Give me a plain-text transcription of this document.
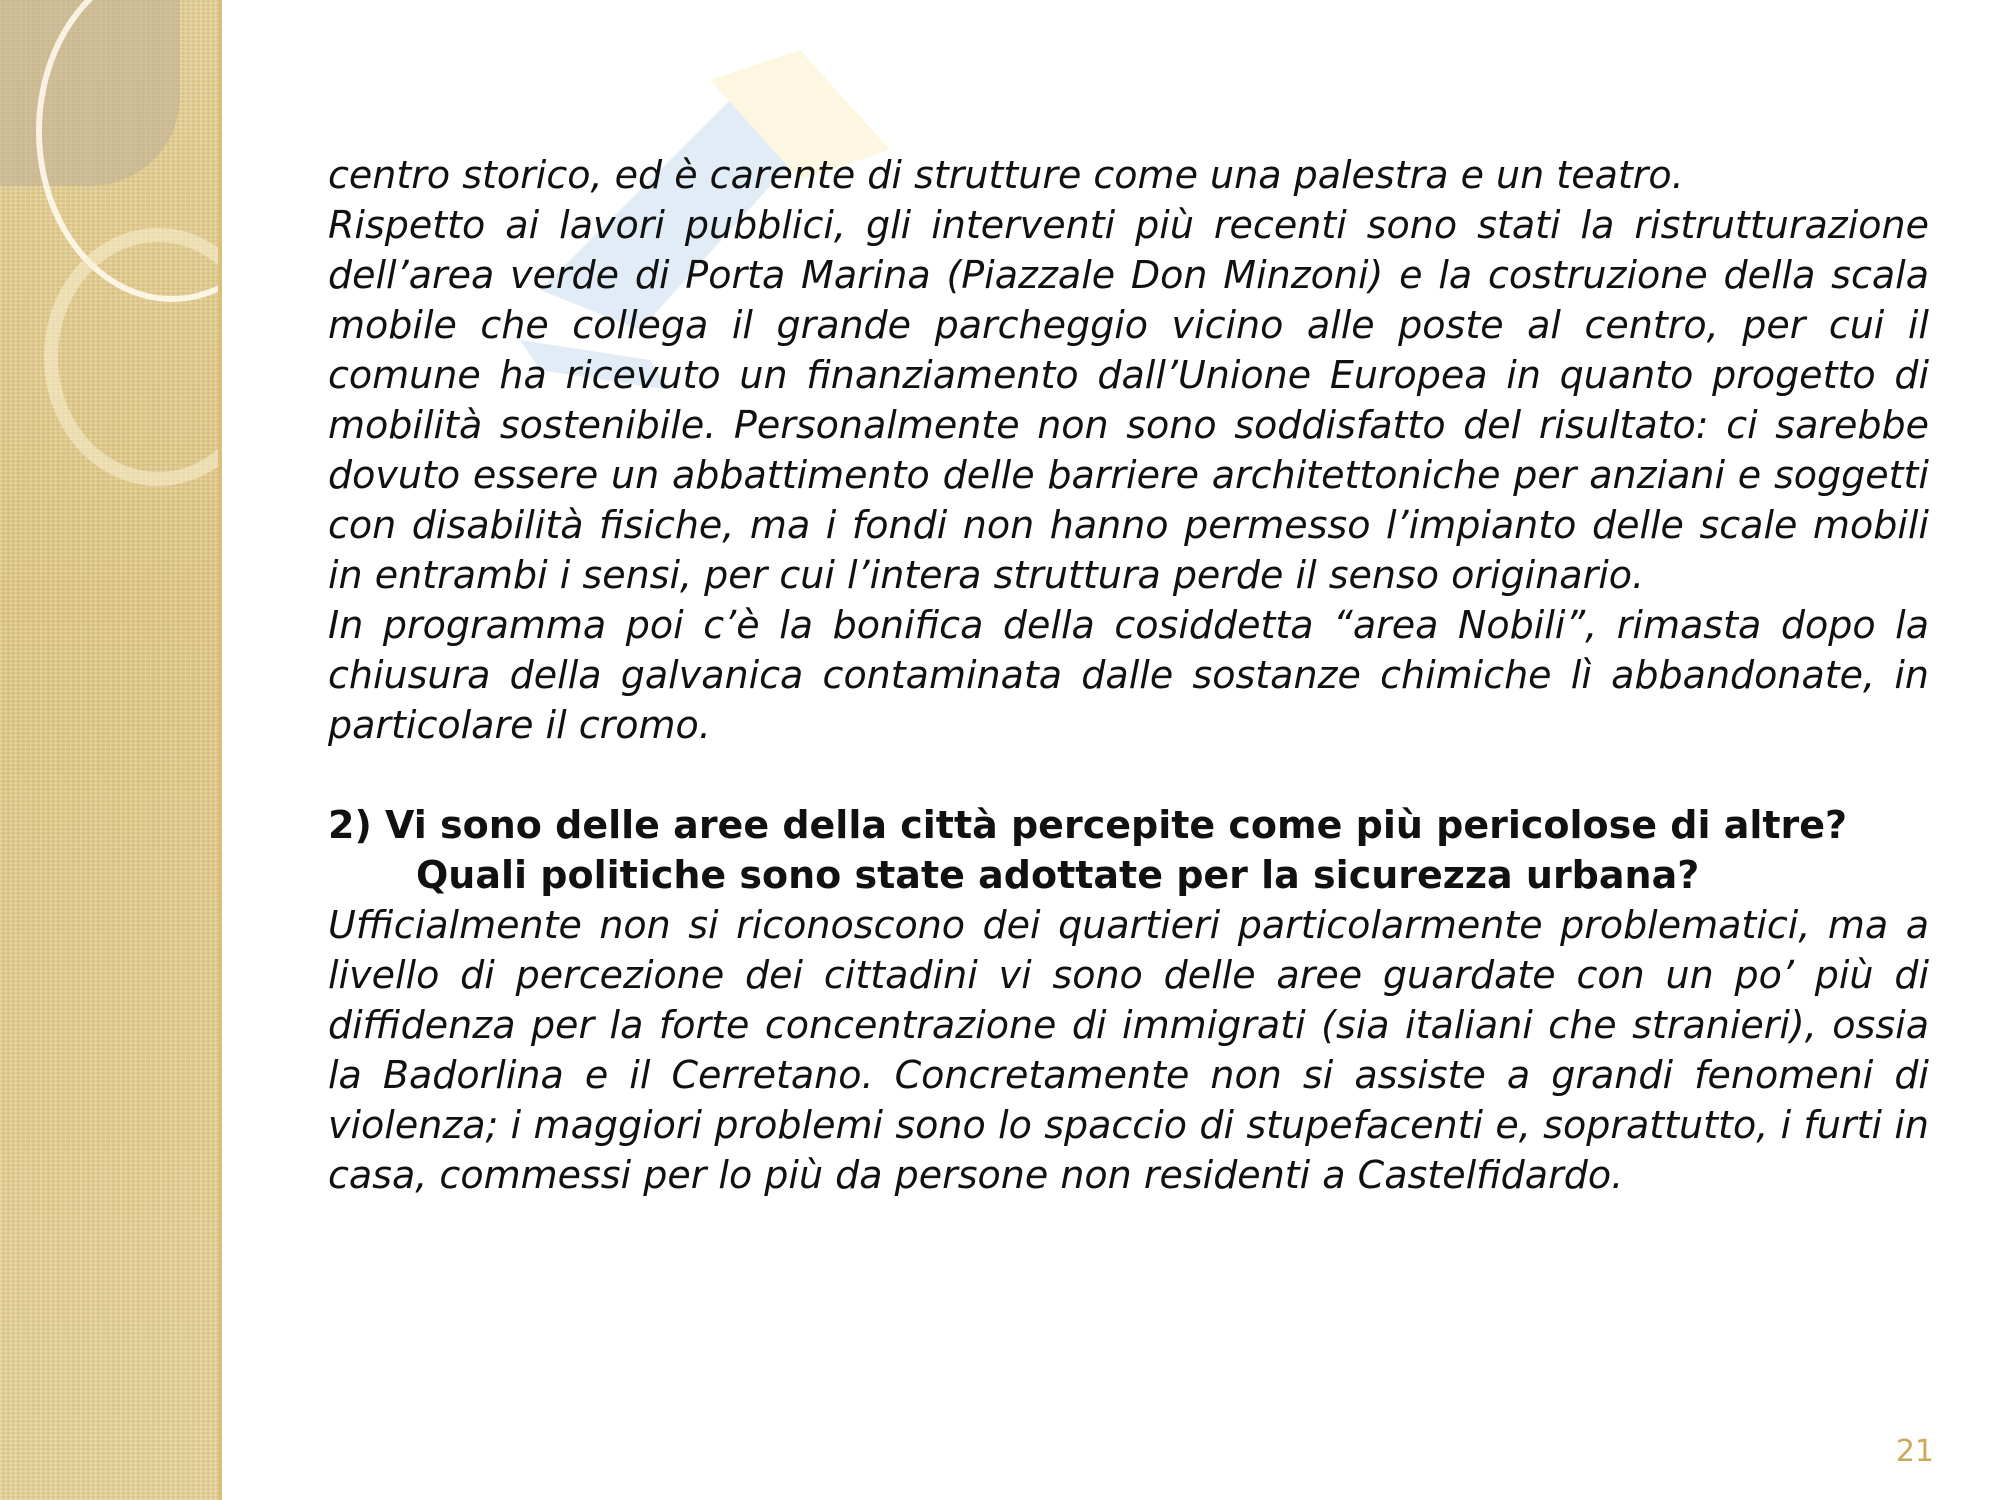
centro storico, ed è carente di strutture come una palestra e un teatro.

Rispetto ai lavori pubblici, gli interventi più recenti sono stati la ristrutturazione dell’area verde di Porta Marina (Piazzale Don Minzoni) e la costruzione della scala mobile che collega il grande parcheggio vicino alle poste al centro, per cui il comune ha ricevuto un finanziamento dall’Unione Europea in quanto progetto di mobilità sostenibile. Personalmente non sono soddisfatto del risultato: ci sarebbe dovuto essere un abbattimento delle barriere architettoniche per anziani e soggetti con disabilità fisiche, ma i fondi non hanno permesso l’impianto delle scale mobili in entrambi i sensi, per cui l’intera struttura perde il senso originario.

In programma poi c’è la bonifica della cosiddetta “area Nobili”, rimasta dopo la chiusura della galvanica contaminata dalle sostanze chimiche lì abbandonate, in particolare il cromo.

2) Vi sono delle aree della città percepite come più pericolose di altre?

Quali politiche sono state adottate per la sicurezza urbana?

Ufficialmente non si riconoscono dei quartieri particolarmente problematici, ma a livello di percezione dei cittadini vi sono delle aree guardate con un po’ più di diffidenza per la forte concentrazione di immigrati (sia italiani che stranieri), ossia la Badorlina e il Cerretano. Concretamente non si assiste a grandi fenomeni di violenza; i maggiori problemi sono lo spaccio di stupefacenti e, soprattutto, i furti in casa, commessi per lo più da persone non residenti a Castelfidardo.

21
